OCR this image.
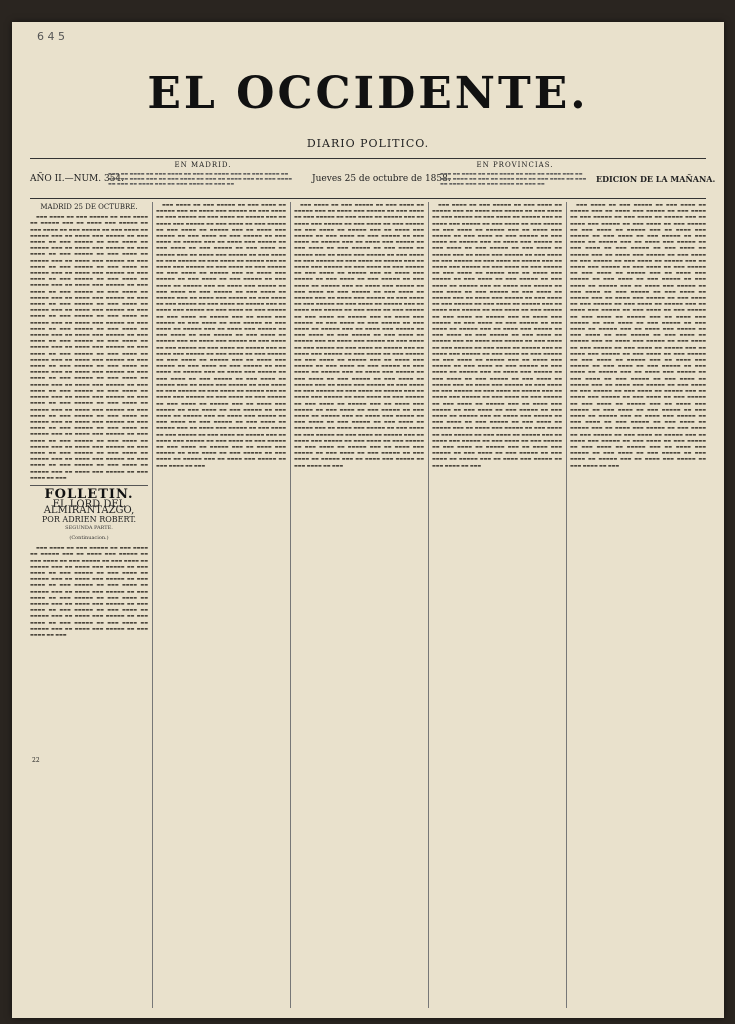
6 4 5
EL OCCIDENTE.
DIARIO POLITICO.
AÑO II.—NUM. 354.
EN MADRID.
▬▬▬ ▬▬ ▬▬▬▬ ▬▬ ▬▬▬ ▬▬▬▬ ▬▬ ▬▬▬ ▬▬ ▬▬▬▬ ▬▬▬ ▬▬ ▬▬▬ ▬▬▬▬ ▬▬ ▬▬▬ ▬▬ ▬▬▬▬ ▬▬▬ ▬▬ ▬▬▬ ▬▬▬▬ ▬▬ ▬▬▬ ▬▬ ▬▬▬▬ ▬▬▬ ▬▬ ▬▬▬ ▬▬▬▬ ▬▬ ▬▬▬ ▬▬ ▬▬▬▬ ▬▬▬ ▬▬ ▬▬▬ ▬▬▬▬ ▬▬ ▬▬▬ ▬▬	Jueves 25 de octubre de 1858.
EN PROVINCIAS.
▬▬▬ ▬▬ ▬▬▬▬ ▬▬ ▬▬▬ ▬▬▬▬ ▬▬ ▬▬▬ ▬▬ ▬▬▬▬ ▬▬▬ ▬▬ ▬▬▬ ▬▬▬▬ ▬▬ ▬▬▬ ▬▬ ▬▬▬▬ ▬▬▬ ▬▬ ▬▬▬ ▬▬▬▬ ▬▬ ▬▬▬ ▬▬ ▬▬▬▬ ▬▬▬ ▬▬ ▬▬▬ ▬▬▬▬ ▬▬ ▬▬▬ ▬▬	EDICION DE LA MAÑANA.
MADRID 25 DE OCTUBRE.
▬▬▬ ▬▬▬▬ ▬▬ ▬▬▬ ▬▬▬▬▬ ▬▬ ▬▬▬ ▬▬▬▬ ▬▬ ▬▬▬▬▬ ▬▬▬ ▬▬ ▬▬▬▬ ▬▬▬ ▬▬▬▬▬ ▬▬ ▬▬▬ ▬▬▬▬ ▬▬ ▬▬▬ ▬▬▬▬▬ ▬▬ ▬▬▬ ▬▬▬▬ ▬▬ ▬▬▬▬▬ ▬▬▬ ▬▬ ▬▬▬▬ ▬▬▬ ▬▬▬▬▬ ▬▬ ▬▬▬ ▬▬▬▬ ▬▬ ▬▬▬ ▬▬▬▬▬ ▬▬ ▬▬▬ ▬▬▬▬ ▬▬ ▬▬▬▬▬ ▬▬▬ ▬▬ ▬▬▬▬ ▬▬▬ ▬▬▬▬▬ ▬▬ ▬▬▬ ▬▬▬▬ ▬▬ ▬▬▬ ▬▬▬▬▬ ▬▬ ▬▬▬ ▬▬▬▬ ▬▬ ▬▬▬▬▬ ▬▬▬ ▬▬ ▬▬▬▬ ▬▬▬ ▬▬▬▬▬ ▬▬ ▬▬▬ ▬▬▬▬ ▬▬ ▬▬▬ ▬▬▬▬▬ ▬▬ ▬▬▬ ▬▬▬▬ ▬▬ ▬▬▬▬▬ ▬▬▬ ▬▬ ▬▬▬▬ ▬▬▬ ▬▬▬▬▬ ▬▬ ▬▬▬ ▬▬▬▬ ▬▬ ▬▬▬ ▬▬▬▬▬ ▬▬ ▬▬▬ ▬▬▬▬ ▬▬ ▬▬▬▬▬ ▬▬▬ ▬▬ ▬▬▬▬ ▬▬▬ ▬▬▬▬▬ ▬▬ ▬▬▬ ▬▬▬▬ ▬▬ ▬▬▬ ▬▬▬▬▬ ▬▬ ▬▬▬ ▬▬▬▬ ▬▬ ▬▬▬▬▬ ▬▬▬ ▬▬ ▬▬▬▬ ▬▬▬ ▬▬▬▬▬ ▬▬ ▬▬▬ ▬▬▬▬ ▬▬ ▬▬▬ ▬▬▬▬▬ ▬▬ ▬▬▬ ▬▬▬▬ ▬▬ ▬▬▬▬▬ ▬▬▬ ▬▬ ▬▬▬▬ ▬▬▬ ▬▬▬▬▬ ▬▬ ▬▬▬ ▬▬▬▬ ▬▬ ▬▬▬ ▬▬▬▬▬ ▬▬ ▬▬▬ ▬▬▬▬ ▬▬ ▬▬▬▬▬ ▬▬▬ ▬▬ ▬▬▬▬ ▬▬▬ ▬▬▬▬▬ ▬▬ ▬▬▬ ▬▬▬▬ ▬▬ ▬▬▬ ▬▬▬▬▬ ▬▬ ▬▬▬ ▬▬▬▬ ▬▬ ▬▬▬▬▬ ▬▬▬ ▬▬ ▬▬▬▬ ▬▬▬ ▬▬▬▬▬ ▬▬ ▬▬▬ ▬▬▬▬ ▬▬ ▬▬▬ ▬▬▬▬▬ ▬▬ ▬▬▬ ▬▬▬▬ ▬▬ ▬▬▬▬▬ ▬▬▬ ▬▬ ▬▬▬▬ ▬▬▬ ▬▬▬▬▬ ▬▬ ▬▬▬ ▬▬▬▬ ▬▬ ▬▬▬ ▬▬▬▬▬ ▬▬ ▬▬▬ ▬▬▬▬ ▬▬ ▬▬▬▬▬ ▬▬▬ ▬▬ ▬▬▬▬ ▬▬▬ ▬▬▬▬▬ ▬▬ ▬▬▬ ▬▬▬▬ ▬▬ ▬▬▬ ▬▬▬▬▬ ▬▬ ▬▬▬ ▬▬▬▬ ▬▬ ▬▬▬▬▬ ▬▬▬ ▬▬ ▬▬▬▬ ▬▬▬ ▬▬▬▬▬ ▬▬ ▬▬▬ ▬▬▬▬ ▬▬ ▬▬▬ ▬▬▬▬▬ ▬▬ ▬▬▬ ▬▬▬▬ ▬▬ ▬▬▬▬▬ ▬▬▬ ▬▬ ▬▬▬▬ ▬▬▬ ▬▬▬▬▬ ▬▬ ▬▬▬ ▬▬▬▬ ▬▬ ▬▬▬ ▬▬▬▬▬ ▬▬ ▬▬▬ ▬▬▬▬ ▬▬ ▬▬▬▬▬ ▬▬▬ ▬▬ ▬▬▬▬ ▬▬▬ ▬▬▬▬▬ ▬▬ ▬▬▬ ▬▬▬▬ ▬▬ ▬▬▬ ▬▬▬▬▬ ▬▬ ▬▬▬ ▬▬▬▬ ▬▬ ▬▬▬▬▬ ▬▬▬ ▬▬ ▬▬▬▬ ▬▬▬ ▬▬▬▬▬ ▬▬ ▬▬▬ ▬▬▬▬ ▬▬ ▬▬▬ ▬▬▬▬▬ ▬▬ ▬▬▬ ▬▬▬▬ ▬▬ ▬▬▬▬▬ ▬▬▬ ▬▬ ▬▬▬▬ ▬▬▬ ▬▬▬▬▬ ▬▬ ▬▬▬ ▬▬▬▬ ▬▬ ▬▬▬ ▬▬▬▬▬ ▬▬ ▬▬▬ ▬▬▬▬ ▬▬ ▬▬▬▬▬ ▬▬▬ ▬▬ ▬▬▬▬ ▬▬▬ ▬▬▬▬▬ ▬▬ ▬▬▬ ▬▬▬▬ ▬▬ ▬▬▬ ▬▬▬▬▬ ▬▬ ▬▬▬ ▬▬▬▬ ▬▬ ▬▬▬▬▬ ▬▬▬ ▬▬ ▬▬▬▬ ▬▬▬ ▬▬▬▬▬ ▬▬ ▬▬▬ ▬▬▬▬ ▬▬ ▬▬▬ ▬▬▬▬▬ ▬▬ ▬▬▬ ▬▬▬▬ ▬▬ ▬▬▬▬▬ ▬▬▬ ▬▬ ▬▬▬▬ ▬▬▬ ▬▬▬▬▬ ▬▬ ▬▬▬ ▬▬▬▬ ▬▬ ▬▬▬ ▬▬▬▬▬ ▬▬ ▬▬▬ ▬▬▬▬ ▬▬ ▬▬▬▬▬ ▬▬▬ ▬▬ ▬▬▬▬ ▬▬▬ ▬▬▬▬▬ ▬▬ ▬▬▬ ▬▬▬▬ ▬▬ ▬▬▬
22
FOLLETIN.
EL LORD DEL ALMIRANTAZGO,
POR ADRIEN ROBERT.
SEGUNDA PARTE.
(Continuacion.)
▬▬▬ ▬▬▬▬ ▬▬ ▬▬▬ ▬▬▬▬▬ ▬▬ ▬▬▬ ▬▬▬▬ ▬▬ ▬▬▬▬▬ ▬▬▬ ▬▬ ▬▬▬▬ ▬▬▬ ▬▬▬▬▬ ▬▬ ▬▬▬ ▬▬▬▬ ▬▬ ▬▬▬ ▬▬▬▬▬ ▬▬ ▬▬▬ ▬▬▬▬ ▬▬ ▬▬▬▬▬ ▬▬▬ ▬▬ ▬▬▬▬ ▬▬▬ ▬▬▬▬▬ ▬▬ ▬▬▬ ▬▬▬▬ ▬▬ ▬▬▬ ▬▬▬▬▬ ▬▬ ▬▬▬ ▬▬▬▬ ▬▬ ▬▬▬▬▬ ▬▬▬ ▬▬ ▬▬▬▬ ▬▬▬ ▬▬▬▬▬ ▬▬ ▬▬▬ ▬▬▬▬ ▬▬ ▬▬▬ ▬▬▬▬▬ ▬▬ ▬▬▬ ▬▬▬▬ ▬▬ ▬▬▬▬▬ ▬▬▬ ▬▬ ▬▬▬▬ ▬▬▬ ▬▬▬▬▬ ▬▬ ▬▬▬ ▬▬▬▬ ▬▬ ▬▬▬ ▬▬▬▬▬ ▬▬ ▬▬▬ ▬▬▬▬ ▬▬ ▬▬▬▬▬ ▬▬▬ ▬▬ ▬▬▬▬ ▬▬▬ ▬▬▬▬▬ ▬▬ ▬▬▬ ▬▬▬▬ ▬▬ ▬▬▬ ▬▬▬▬▬ ▬▬ ▬▬▬ ▬▬▬▬ ▬▬ ▬▬▬▬▬ ▬▬▬ ▬▬ ▬▬▬▬ ▬▬▬ ▬▬▬▬▬ ▬▬ ▬▬▬ ▬▬▬▬ ▬▬ ▬▬▬ ▬▬▬▬▬ ▬▬ ▬▬▬ ▬▬▬▬ ▬▬ ▬▬▬▬▬ ▬▬▬ ▬▬ ▬▬▬▬ ▬▬▬ ▬▬▬▬▬ ▬▬ ▬▬▬ ▬▬▬▬ ▬▬ ▬▬▬
▬▬▬ ▬▬▬▬ ▬▬ ▬▬▬ ▬▬▬▬▬ ▬▬ ▬▬▬ ▬▬▬▬ ▬▬ ▬▬▬▬▬ ▬▬▬ ▬▬ ▬▬▬▬ ▬▬▬ ▬▬▬▬▬ ▬▬ ▬▬▬ ▬▬▬▬ ▬▬ ▬▬▬ ▬▬▬▬▬ ▬▬ ▬▬▬ ▬▬▬▬ ▬▬ ▬▬▬▬▬ ▬▬▬ ▬▬ ▬▬▬▬ ▬▬▬ ▬▬▬▬▬ ▬▬ ▬▬▬ ▬▬▬▬ ▬▬ ▬▬▬ ▬▬▬▬▬ ▬▬ ▬▬▬ ▬▬▬▬ ▬▬ ▬▬▬▬▬ ▬▬▬ ▬▬ ▬▬▬▬ ▬▬▬ ▬▬▬▬▬ ▬▬ ▬▬▬ ▬▬▬▬ ▬▬ ▬▬▬ ▬▬▬▬▬ ▬▬ ▬▬▬ ▬▬▬▬ ▬▬ ▬▬▬▬▬ ▬▬▬ ▬▬ ▬▬▬▬ ▬▬▬ ▬▬▬▬▬ ▬▬ ▬▬▬ ▬▬▬▬ ▬▬ ▬▬▬ ▬▬▬▬▬ ▬▬ ▬▬▬ ▬▬▬▬ ▬▬ ▬▬▬▬▬ ▬▬▬ ▬▬ ▬▬▬▬ ▬▬▬ ▬▬▬▬▬ ▬▬ ▬▬▬ ▬▬▬▬ ▬▬ ▬▬▬ ▬▬▬▬▬ ▬▬ ▬▬▬ ▬▬▬▬ ▬▬ ▬▬▬▬▬ ▬▬▬ ▬▬ ▬▬▬▬ ▬▬▬ ▬▬▬▬▬ ▬▬ ▬▬▬ ▬▬▬▬ ▬▬ ▬▬▬ ▬▬▬▬▬ ▬▬ ▬▬▬ ▬▬▬▬ ▬▬ ▬▬▬▬▬ ▬▬▬ ▬▬ ▬▬▬▬ ▬▬▬ ▬▬▬▬▬ ▬▬ ▬▬▬ ▬▬▬▬ ▬▬ ▬▬▬ ▬▬▬▬▬ ▬▬ ▬▬▬ ▬▬▬▬ ▬▬ ▬▬▬▬▬ ▬▬▬ ▬▬ ▬▬▬▬ ▬▬▬ ▬▬▬▬▬ ▬▬ ▬▬▬ ▬▬▬▬ ▬▬ ▬▬▬ ▬▬▬▬▬ ▬▬ ▬▬▬ ▬▬▬▬ ▬▬ ▬▬▬▬▬ ▬▬▬ ▬▬ ▬▬▬▬ ▬▬▬ ▬▬▬▬▬ ▬▬ ▬▬▬ ▬▬▬▬ ▬▬ ▬▬▬ ▬▬▬▬▬ ▬▬ ▬▬▬ ▬▬▬▬ ▬▬ ▬▬▬▬▬ ▬▬▬ ▬▬ ▬▬▬▬ ▬▬▬ ▬▬▬▬▬ ▬▬ ▬▬▬ ▬▬▬▬ ▬▬ ▬▬▬ ▬▬▬▬▬ ▬▬ ▬▬▬ ▬▬▬▬ ▬▬ ▬▬▬▬▬ ▬▬▬ ▬▬ ▬▬▬▬ ▬▬▬ ▬▬▬▬▬ ▬▬ ▬▬▬ ▬▬▬▬ ▬▬ ▬▬▬ ▬▬▬▬▬ ▬▬ ▬▬▬ ▬▬▬▬ ▬▬ ▬▬▬▬▬ ▬▬▬ ▬▬ ▬▬▬▬ ▬▬▬ ▬▬▬▬▬ ▬▬ ▬▬▬ ▬▬▬▬ ▬▬ ▬▬▬ ▬▬▬▬▬ ▬▬ ▬▬▬ ▬▬▬▬ ▬▬ ▬▬▬▬▬ ▬▬▬ ▬▬ ▬▬▬▬ ▬▬▬ ▬▬▬▬▬ ▬▬ ▬▬▬ ▬▬▬▬ ▬▬ ▬▬▬ ▬▬▬▬▬ ▬▬ ▬▬▬ ▬▬▬▬ ▬▬ ▬▬▬▬▬ ▬▬▬ ▬▬ ▬▬▬▬ ▬▬▬ ▬▬▬▬▬ ▬▬ ▬▬▬ ▬▬▬▬ ▬▬ ▬▬▬ ▬▬▬▬▬ ▬▬ ▬▬▬ ▬▬▬▬ ▬▬ ▬▬▬▬▬ ▬▬▬ ▬▬ ▬▬▬▬ ▬▬▬ ▬▬▬▬▬ ▬▬ ▬▬▬ ▬▬▬▬ ▬▬ ▬▬▬ ▬▬▬▬▬ ▬▬ ▬▬▬ ▬▬▬▬ ▬▬ ▬▬▬▬▬ ▬▬▬ ▬▬ ▬▬▬▬ ▬▬▬ ▬▬▬▬▬ ▬▬ ▬▬▬ ▬▬▬▬ ▬▬ ▬▬▬ ▬▬▬▬▬ ▬▬ ▬▬▬ ▬▬▬▬ ▬▬ ▬▬▬▬▬ ▬▬▬ ▬▬ ▬▬▬▬ ▬▬▬ ▬▬▬▬▬ ▬▬ ▬▬▬ ▬▬▬▬ ▬▬ ▬▬▬ ▬▬▬▬▬ ▬▬ ▬▬▬ ▬▬▬▬ ▬▬ ▬▬▬▬▬ ▬▬▬ ▬▬ ▬▬▬▬ ▬▬▬ ▬▬▬▬▬ ▬▬ ▬▬▬ ▬▬▬▬ ▬▬ ▬▬▬ ▬▬▬▬▬ ▬▬ ▬▬▬ ▬▬▬▬ ▬▬ ▬▬▬▬▬ ▬▬▬ ▬▬ ▬▬▬▬ ▬▬▬ ▬▬▬▬▬ ▬▬ ▬▬▬ ▬▬▬▬ ▬▬ ▬▬▬ ▬▬▬▬▬ ▬▬ ▬▬▬ ▬▬▬▬ ▬▬ ▬▬▬▬▬ ▬▬▬ ▬▬ ▬▬▬▬ ▬▬▬ ▬▬▬▬▬ ▬▬ ▬▬▬ ▬▬▬▬ ▬▬ ▬▬▬ ▬▬▬▬▬ ▬▬ ▬▬▬ ▬▬▬▬ ▬▬ ▬▬▬▬▬ ▬▬▬ ▬▬ ▬▬▬▬ ▬▬▬ ▬▬▬▬▬ ▬▬ ▬▬▬ ▬▬▬▬ ▬▬ ▬▬▬ ▬▬▬▬▬ ▬▬ ▬▬▬ ▬▬▬▬ ▬▬ ▬▬▬▬▬ ▬▬▬ ▬▬ ▬▬▬▬ ▬▬▬ ▬▬▬▬▬ ▬▬ ▬▬▬ ▬▬▬▬ ▬▬ ▬▬▬ ▬▬▬▬▬ ▬▬ ▬▬▬ ▬▬▬▬ ▬▬ ▬▬▬▬▬ ▬▬▬ ▬▬ ▬▬▬▬ ▬▬▬ ▬▬▬▬▬ ▬▬ ▬▬▬ ▬▬▬▬ ▬▬ ▬▬▬ ▬▬▬▬▬ ▬▬ ▬▬▬ ▬▬▬▬ ▬▬ ▬▬▬▬▬ ▬▬▬ ▬▬ ▬▬▬▬ ▬▬▬ ▬▬▬▬▬ ▬▬ ▬▬▬ ▬▬▬▬ ▬▬ ▬▬▬
▬▬▬ ▬▬▬▬ ▬▬ ▬▬▬ ▬▬▬▬▬ ▬▬ ▬▬▬ ▬▬▬▬ ▬▬ ▬▬▬▬▬ ▬▬▬ ▬▬ ▬▬▬▬ ▬▬▬ ▬▬▬▬▬ ▬▬ ▬▬▬ ▬▬▬▬ ▬▬ ▬▬▬ ▬▬▬▬▬ ▬▬ ▬▬▬ ▬▬▬▬ ▬▬ ▬▬▬▬▬ ▬▬▬ ▬▬ ▬▬▬▬ ▬▬▬ ▬▬▬▬▬ ▬▬ ▬▬▬ ▬▬▬▬ ▬▬ ▬▬▬ ▬▬▬▬▬ ▬▬ ▬▬▬ ▬▬▬▬ ▬▬ ▬▬▬▬▬ ▬▬▬ ▬▬ ▬▬▬▬ ▬▬▬ ▬▬▬▬▬ ▬▬ ▬▬▬ ▬▬▬▬ ▬▬ ▬▬▬ ▬▬▬▬▬ ▬▬ ▬▬▬ ▬▬▬▬ ▬▬ ▬▬▬▬▬ ▬▬▬ ▬▬ ▬▬▬▬ ▬▬▬ ▬▬▬▬▬ ▬▬ ▬▬▬ ▬▬▬▬ ▬▬ ▬▬▬ ▬▬▬▬▬ ▬▬ ▬▬▬ ▬▬▬▬ ▬▬ ▬▬▬▬▬ ▬▬▬ ▬▬ ▬▬▬▬ ▬▬▬ ▬▬▬▬▬ ▬▬ ▬▬▬ ▬▬▬▬ ▬▬ ▬▬▬ ▬▬▬▬▬ ▬▬ ▬▬▬ ▬▬▬▬ ▬▬ ▬▬▬▬▬ ▬▬▬ ▬▬ ▬▬▬▬ ▬▬▬ ▬▬▬▬▬ ▬▬ ▬▬▬ ▬▬▬▬ ▬▬ ▬▬▬ ▬▬▬▬▬ ▬▬ ▬▬▬ ▬▬▬▬ ▬▬ ▬▬▬▬▬ ▬▬▬ ▬▬ ▬▬▬▬ ▬▬▬ ▬▬▬▬▬ ▬▬ ▬▬▬ ▬▬▬▬ ▬▬ ▬▬▬ ▬▬▬▬▬ ▬▬ ▬▬▬ ▬▬▬▬ ▬▬ ▬▬▬▬▬ ▬▬▬ ▬▬ ▬▬▬▬ ▬▬▬ ▬▬▬▬▬ ▬▬ ▬▬▬ ▬▬▬▬ ▬▬ ▬▬▬ ▬▬▬▬▬ ▬▬ ▬▬▬ ▬▬▬▬ ▬▬ ▬▬▬▬▬ ▬▬▬ ▬▬ ▬▬▬▬ ▬▬▬ ▬▬▬▬▬ ▬▬ ▬▬▬ ▬▬▬▬ ▬▬ ▬▬▬ ▬▬▬▬▬ ▬▬ ▬▬▬ ▬▬▬▬ ▬▬ ▬▬▬▬▬ ▬▬▬ ▬▬ ▬▬▬▬ ▬▬▬ ▬▬▬▬▬ ▬▬ ▬▬▬ ▬▬▬▬ ▬▬ ▬▬▬ ▬▬▬▬▬ ▬▬ ▬▬▬ ▬▬▬▬ ▬▬ ▬▬▬▬▬ ▬▬▬ ▬▬ ▬▬▬▬ ▬▬▬ ▬▬▬▬▬ ▬▬ ▬▬▬ ▬▬▬▬ ▬▬ ▬▬▬ ▬▬▬▬▬ ▬▬ ▬▬▬ ▬▬▬▬ ▬▬ ▬▬▬▬▬ ▬▬▬ ▬▬ ▬▬▬▬ ▬▬▬ ▬▬▬▬▬ ▬▬ ▬▬▬ ▬▬▬▬ ▬▬ ▬▬▬ ▬▬▬▬▬ ▬▬ ▬▬▬ ▬▬▬▬ ▬▬ ▬▬▬▬▬ ▬▬▬ ▬▬ ▬▬▬▬ ▬▬▬ ▬▬▬▬▬ ▬▬ ▬▬▬ ▬▬▬▬ ▬▬ ▬▬▬ ▬▬▬▬▬ ▬▬ ▬▬▬ ▬▬▬▬ ▬▬ ▬▬▬▬▬ ▬▬▬ ▬▬ ▬▬▬▬ ▬▬▬ ▬▬▬▬▬ ▬▬ ▬▬▬ ▬▬▬▬ ▬▬ ▬▬▬ ▬▬▬▬▬ ▬▬ ▬▬▬ ▬▬▬▬ ▬▬ ▬▬▬▬▬ ▬▬▬ ▬▬ ▬▬▬▬ ▬▬▬ ▬▬▬▬▬ ▬▬ ▬▬▬ ▬▬▬▬ ▬▬ ▬▬▬ ▬▬▬▬▬ ▬▬ ▬▬▬ ▬▬▬▬ ▬▬ ▬▬▬▬▬ ▬▬▬ ▬▬ ▬▬▬▬ ▬▬▬ ▬▬▬▬▬ ▬▬ ▬▬▬ ▬▬▬▬ ▬▬ ▬▬▬ ▬▬▬▬▬ ▬▬ ▬▬▬ ▬▬▬▬ ▬▬ ▬▬▬▬▬ ▬▬▬ ▬▬ ▬▬▬▬ ▬▬▬ ▬▬▬▬▬ ▬▬ ▬▬▬ ▬▬▬▬ ▬▬ ▬▬▬ ▬▬▬▬▬ ▬▬ ▬▬▬ ▬▬▬▬ ▬▬ ▬▬▬▬▬ ▬▬▬ ▬▬ ▬▬▬▬ ▬▬▬ ▬▬▬▬▬ ▬▬ ▬▬▬ ▬▬▬▬ ▬▬ ▬▬▬ ▬▬▬▬▬ ▬▬ ▬▬▬ ▬▬▬▬ ▬▬ ▬▬▬▬▬ ▬▬▬ ▬▬ ▬▬▬▬ ▬▬▬ ▬▬▬▬▬ ▬▬ ▬▬▬ ▬▬▬▬ ▬▬ ▬▬▬ ▬▬▬▬▬ ▬▬ ▬▬▬ ▬▬▬▬ ▬▬ ▬▬▬▬▬ ▬▬▬ ▬▬ ▬▬▬▬ ▬▬▬ ▬▬▬▬▬ ▬▬ ▬▬▬ ▬▬▬▬ ▬▬ ▬▬▬ ▬▬▬▬▬ ▬▬ ▬▬▬ ▬▬▬▬ ▬▬ ▬▬▬▬▬ ▬▬▬ ▬▬ ▬▬▬▬ ▬▬▬ ▬▬▬▬▬ ▬▬ ▬▬▬ ▬▬▬▬ ▬▬ ▬▬▬ ▬▬▬▬▬ ▬▬ ▬▬▬ ▬▬▬▬ ▬▬ ▬▬▬▬▬ ▬▬▬ ▬▬ ▬▬▬▬ ▬▬▬ ▬▬▬▬▬ ▬▬ ▬▬▬ ▬▬▬▬ ▬▬ ▬▬▬ ▬▬▬▬▬ ▬▬ ▬▬▬ ▬▬▬▬ ▬▬ ▬▬▬▬▬ ▬▬▬ ▬▬ ▬▬▬▬ ▬▬▬ ▬▬▬▬▬ ▬▬ ▬▬▬ ▬▬▬▬ ▬▬ ▬▬▬ ▬▬▬▬▬ ▬▬ ▬▬▬ ▬▬▬▬ ▬▬ ▬▬▬▬▬ ▬▬▬ ▬▬ ▬▬▬▬ ▬▬▬ ▬▬▬▬▬ ▬▬ ▬▬▬ ▬▬▬▬ ▬▬ ▬▬▬
▬▬▬ ▬▬▬▬ ▬▬ ▬▬▬ ▬▬▬▬▬ ▬▬ ▬▬▬ ▬▬▬▬ ▬▬ ▬▬▬▬▬ ▬▬▬ ▬▬ ▬▬▬▬ ▬▬▬ ▬▬▬▬▬ ▬▬ ▬▬▬ ▬▬▬▬ ▬▬ ▬▬▬ ▬▬▬▬▬ ▬▬ ▬▬▬ ▬▬▬▬ ▬▬ ▬▬▬▬▬ ▬▬▬ ▬▬ ▬▬▬▬ ▬▬▬ ▬▬▬▬▬ ▬▬ ▬▬▬ ▬▬▬▬ ▬▬ ▬▬▬ ▬▬▬▬▬ ▬▬ ▬▬▬ ▬▬▬▬ ▬▬ ▬▬▬▬▬ ▬▬▬ ▬▬ ▬▬▬▬ ▬▬▬ ▬▬▬▬▬ ▬▬ ▬▬▬ ▬▬▬▬ ▬▬ ▬▬▬ ▬▬▬▬▬ ▬▬ ▬▬▬ ▬▬▬▬ ▬▬ ▬▬▬▬▬ ▬▬▬ ▬▬ ▬▬▬▬ ▬▬▬ ▬▬▬▬▬ ▬▬ ▬▬▬ ▬▬▬▬ ▬▬ ▬▬▬ ▬▬▬▬▬ ▬▬ ▬▬▬ ▬▬▬▬ ▬▬ ▬▬▬▬▬ ▬▬▬ ▬▬ ▬▬▬▬ ▬▬▬ ▬▬▬▬▬ ▬▬ ▬▬▬ ▬▬▬▬ ▬▬ ▬▬▬ ▬▬▬▬▬ ▬▬ ▬▬▬ ▬▬▬▬ ▬▬ ▬▬▬▬▬ ▬▬▬ ▬▬ ▬▬▬▬ ▬▬▬ ▬▬▬▬▬ ▬▬ ▬▬▬ ▬▬▬▬ ▬▬ ▬▬▬ ▬▬▬▬▬ ▬▬ ▬▬▬ ▬▬▬▬ ▬▬ ▬▬▬▬▬ ▬▬▬ ▬▬ ▬▬▬▬ ▬▬▬ ▬▬▬▬▬ ▬▬ ▬▬▬ ▬▬▬▬ ▬▬ ▬▬▬ ▬▬▬▬▬ ▬▬ ▬▬▬ ▬▬▬▬ ▬▬ ▬▬▬▬▬ ▬▬▬ ▬▬ ▬▬▬▬ ▬▬▬ ▬▬▬▬▬ ▬▬ ▬▬▬ ▬▬▬▬ ▬▬ ▬▬▬ ▬▬▬▬▬ ▬▬ ▬▬▬ ▬▬▬▬ ▬▬ ▬▬▬▬▬ ▬▬▬ ▬▬ ▬▬▬▬ ▬▬▬ ▬▬▬▬▬ ▬▬ ▬▬▬ ▬▬▬▬ ▬▬ ▬▬▬ ▬▬▬▬▬ ▬▬ ▬▬▬ ▬▬▬▬ ▬▬ ▬▬▬▬▬ ▬▬▬ ▬▬ ▬▬▬▬ ▬▬▬ ▬▬▬▬▬ ▬▬ ▬▬▬ ▬▬▬▬ ▬▬ ▬▬▬ ▬▬▬▬▬ ▬▬ ▬▬▬ ▬▬▬▬ ▬▬ ▬▬▬▬▬ ▬▬▬ ▬▬ ▬▬▬▬ ▬▬▬ ▬▬▬▬▬ ▬▬ ▬▬▬ ▬▬▬▬ ▬▬ ▬▬▬ ▬▬▬▬▬ ▬▬ ▬▬▬ ▬▬▬▬ ▬▬ ▬▬▬▬▬ ▬▬▬ ▬▬ ▬▬▬▬ ▬▬▬ ▬▬▬▬▬ ▬▬ ▬▬▬ ▬▬▬▬ ▬▬ ▬▬▬ ▬▬▬▬▬ ▬▬ ▬▬▬ ▬▬▬▬ ▬▬ ▬▬▬▬▬ ▬▬▬ ▬▬ ▬▬▬▬ ▬▬▬ ▬▬▬▬▬ ▬▬ ▬▬▬ ▬▬▬▬ ▬▬ ▬▬▬ ▬▬▬▬▬ ▬▬ ▬▬▬ ▬▬▬▬ ▬▬ ▬▬▬▬▬ ▬▬▬ ▬▬ ▬▬▬▬ ▬▬▬ ▬▬▬▬▬ ▬▬ ▬▬▬ ▬▬▬▬ ▬▬ ▬▬▬ ▬▬▬▬▬ ▬▬ ▬▬▬ ▬▬▬▬ ▬▬ ▬▬▬▬▬ ▬▬▬ ▬▬ ▬▬▬▬ ▬▬▬ ▬▬▬▬▬ ▬▬ ▬▬▬ ▬▬▬▬ ▬▬ ▬▬▬ ▬▬▬▬▬ ▬▬ ▬▬▬ ▬▬▬▬ ▬▬ ▬▬▬▬▬ ▬▬▬ ▬▬ ▬▬▬▬ ▬▬▬ ▬▬▬▬▬ ▬▬ ▬▬▬ ▬▬▬▬ ▬▬ ▬▬▬ ▬▬▬▬▬ ▬▬ ▬▬▬ ▬▬▬▬ ▬▬ ▬▬▬▬▬ ▬▬▬ ▬▬ ▬▬▬▬ ▬▬▬ ▬▬▬▬▬ ▬▬ ▬▬▬ ▬▬▬▬ ▬▬ ▬▬▬ ▬▬▬▬▬ ▬▬ ▬▬▬ ▬▬▬▬ ▬▬ ▬▬▬▬▬ ▬▬▬ ▬▬ ▬▬▬▬ ▬▬▬ ▬▬▬▬▬ ▬▬ ▬▬▬ ▬▬▬▬ ▬▬ ▬▬▬ ▬▬▬▬▬ ▬▬ ▬▬▬ ▬▬▬▬ ▬▬ ▬▬▬▬▬ ▬▬▬ ▬▬ ▬▬▬▬ ▬▬▬ ▬▬▬▬▬ ▬▬ ▬▬▬ ▬▬▬▬ ▬▬ ▬▬▬ ▬▬▬▬▬ ▬▬ ▬▬▬ ▬▬▬▬ ▬▬ ▬▬▬▬▬ ▬▬▬ ▬▬ ▬▬▬▬ ▬▬▬ ▬▬▬▬▬ ▬▬ ▬▬▬ ▬▬▬▬ ▬▬ ▬▬▬ ▬▬▬▬▬ ▬▬ ▬▬▬ ▬▬▬▬ ▬▬ ▬▬▬▬▬ ▬▬▬ ▬▬ ▬▬▬▬ ▬▬▬ ▬▬▬▬▬ ▬▬ ▬▬▬ ▬▬▬▬ ▬▬ ▬▬▬ ▬▬▬▬▬ ▬▬ ▬▬▬ ▬▬▬▬ ▬▬ ▬▬▬▬▬ ▬▬▬ ▬▬ ▬▬▬▬ ▬▬▬ ▬▬▬▬▬ ▬▬ ▬▬▬ ▬▬▬▬ ▬▬ ▬▬▬ ▬▬▬▬▬ ▬▬ ▬▬▬ ▬▬▬▬ ▬▬ ▬▬▬▬▬ ▬▬▬ ▬▬ ▬▬▬▬ ▬▬▬ ▬▬▬▬▬ ▬▬ ▬▬▬ ▬▬▬▬ ▬▬ ▬▬▬ ▬▬▬▬▬ ▬▬ ▬▬▬ ▬▬▬▬ ▬▬ ▬▬▬▬▬ ▬▬▬ ▬▬ ▬▬▬▬ ▬▬▬ ▬▬▬▬▬ ▬▬ ▬▬▬ ▬▬▬▬ ▬▬ ▬▬▬
▬▬▬ ▬▬▬▬ ▬▬ ▬▬▬ ▬▬▬▬▬ ▬▬ ▬▬▬ ▬▬▬▬ ▬▬ ▬▬▬▬▬ ▬▬▬ ▬▬ ▬▬▬▬ ▬▬▬ ▬▬▬▬▬ ▬▬ ▬▬▬ ▬▬▬▬ ▬▬ ▬▬▬ ▬▬▬▬▬ ▬▬ ▬▬▬ ▬▬▬▬ ▬▬ ▬▬▬▬▬ ▬▬▬ ▬▬ ▬▬▬▬ ▬▬▬ ▬▬▬▬▬ ▬▬ ▬▬▬ ▬▬▬▬ ▬▬ ▬▬▬ ▬▬▬▬▬ ▬▬ ▬▬▬ ▬▬▬▬ ▬▬ ▬▬▬▬▬ ▬▬▬ ▬▬ ▬▬▬▬ ▬▬▬ ▬▬▬▬▬ ▬▬ ▬▬▬ ▬▬▬▬ ▬▬ ▬▬▬ ▬▬▬▬▬ ▬▬ ▬▬▬ ▬▬▬▬ ▬▬ ▬▬▬▬▬ ▬▬▬ ▬▬ ▬▬▬▬ ▬▬▬ ▬▬▬▬▬ ▬▬ ▬▬▬ ▬▬▬▬ ▬▬ ▬▬▬ ▬▬▬▬▬ ▬▬ ▬▬▬ ▬▬▬▬ ▬▬ ▬▬▬▬▬ ▬▬▬ ▬▬ ▬▬▬▬ ▬▬▬ ▬▬▬▬▬ ▬▬ ▬▬▬ ▬▬▬▬ ▬▬ ▬▬▬ ▬▬▬▬▬ ▬▬ ▬▬▬ ▬▬▬▬ ▬▬ ▬▬▬▬▬ ▬▬▬ ▬▬ ▬▬▬▬ ▬▬▬ ▬▬▬▬▬ ▬▬ ▬▬▬ ▬▬▬▬ ▬▬ ▬▬▬ ▬▬▬▬▬ ▬▬ ▬▬▬ ▬▬▬▬ ▬▬ ▬▬▬▬▬ ▬▬▬ ▬▬ ▬▬▬▬ ▬▬▬ ▬▬▬▬▬ ▬▬ ▬▬▬ ▬▬▬▬ ▬▬ ▬▬▬ ▬▬▬▬▬ ▬▬ ▬▬▬ ▬▬▬▬ ▬▬ ▬▬▬▬▬ ▬▬▬ ▬▬ ▬▬▬▬ ▬▬▬ ▬▬▬▬▬ ▬▬ ▬▬▬ ▬▬▬▬ ▬▬ ▬▬▬ ▬▬▬▬▬ ▬▬ ▬▬▬ ▬▬▬▬ ▬▬ ▬▬▬▬▬ ▬▬▬ ▬▬ ▬▬▬▬ ▬▬▬ ▬▬▬▬▬ ▬▬ ▬▬▬ ▬▬▬▬ ▬▬ ▬▬▬ ▬▬▬▬▬ ▬▬ ▬▬▬ ▬▬▬▬ ▬▬ ▬▬▬▬▬ ▬▬▬ ▬▬ ▬▬▬▬ ▬▬▬ ▬▬▬▬▬ ▬▬ ▬▬▬ ▬▬▬▬ ▬▬ ▬▬▬ ▬▬▬▬▬ ▬▬ ▬▬▬ ▬▬▬▬ ▬▬ ▬▬▬▬▬ ▬▬▬ ▬▬ ▬▬▬▬ ▬▬▬ ▬▬▬▬▬ ▬▬ ▬▬▬ ▬▬▬▬ ▬▬ ▬▬▬ ▬▬▬▬▬ ▬▬ ▬▬▬ ▬▬▬▬ ▬▬ ▬▬▬▬▬ ▬▬▬ ▬▬ ▬▬▬▬ ▬▬▬ ▬▬▬▬▬ ▬▬ ▬▬▬ ▬▬▬▬ ▬▬ ▬▬▬ ▬▬▬▬▬ ▬▬ ▬▬▬ ▬▬▬▬ ▬▬ ▬▬▬▬▬ ▬▬▬ ▬▬ ▬▬▬▬ ▬▬▬ ▬▬▬▬▬ ▬▬ ▬▬▬ ▬▬▬▬ ▬▬ ▬▬▬ ▬▬▬▬▬ ▬▬ ▬▬▬ ▬▬▬▬ ▬▬ ▬▬▬▬▬ ▬▬▬ ▬▬ ▬▬▬▬ ▬▬▬ ▬▬▬▬▬ ▬▬ ▬▬▬ ▬▬▬▬ ▬▬ ▬▬▬ ▬▬▬▬▬ ▬▬ ▬▬▬ ▬▬▬▬ ▬▬ ▬▬▬▬▬ ▬▬▬ ▬▬ ▬▬▬▬ ▬▬▬ ▬▬▬▬▬ ▬▬ ▬▬▬ ▬▬▬▬ ▬▬ ▬▬▬ ▬▬▬▬▬ ▬▬ ▬▬▬ ▬▬▬▬ ▬▬ ▬▬▬▬▬ ▬▬▬ ▬▬ ▬▬▬▬ ▬▬▬ ▬▬▬▬▬ ▬▬ ▬▬▬ ▬▬▬▬ ▬▬ ▬▬▬ ▬▬▬▬▬ ▬▬ ▬▬▬ ▬▬▬▬ ▬▬ ▬▬▬▬▬ ▬▬▬ ▬▬ ▬▬▬▬ ▬▬▬ ▬▬▬▬▬ ▬▬ ▬▬▬ ▬▬▬▬ ▬▬ ▬▬▬ ▬▬▬▬▬ ▬▬ ▬▬▬ ▬▬▬▬ ▬▬ ▬▬▬▬▬ ▬▬▬ ▬▬ ▬▬▬▬ ▬▬▬ ▬▬▬▬▬ ▬▬ ▬▬▬ ▬▬▬▬ ▬▬ ▬▬▬ ▬▬▬▬▬ ▬▬ ▬▬▬ ▬▬▬▬ ▬▬ ▬▬▬▬▬ ▬▬▬ ▬▬ ▬▬▬▬ ▬▬▬ ▬▬▬▬▬ ▬▬ ▬▬▬ ▬▬▬▬ ▬▬ ▬▬▬ ▬▬▬▬▬ ▬▬ ▬▬▬ ▬▬▬▬ ▬▬ ▬▬▬▬▬ ▬▬▬ ▬▬ ▬▬▬▬ ▬▬▬ ▬▬▬▬▬ ▬▬ ▬▬▬ ▬▬▬▬ ▬▬ ▬▬▬ ▬▬▬▬▬ ▬▬ ▬▬▬ ▬▬▬▬ ▬▬ ▬▬▬▬▬ ▬▬▬ ▬▬ ▬▬▬▬ ▬▬▬ ▬▬▬▬▬ ▬▬ ▬▬▬ ▬▬▬▬ ▬▬ ▬▬▬ ▬▬▬▬▬ ▬▬ ▬▬▬ ▬▬▬▬ ▬▬ ▬▬▬▬▬ ▬▬▬ ▬▬ ▬▬▬▬ ▬▬▬ ▬▬▬▬▬ ▬▬ ▬▬▬ ▬▬▬▬ ▬▬ ▬▬▬ ▬▬▬▬▬ ▬▬ ▬▬▬ ▬▬▬▬ ▬▬ ▬▬▬▬▬ ▬▬▬ ▬▬ ▬▬▬▬ ▬▬▬ ▬▬▬▬▬ ▬▬ ▬▬▬ ▬▬▬▬ ▬▬ ▬▬▬ ▬▬▬▬▬ ▬▬ ▬▬▬ ▬▬▬▬ ▬▬ ▬▬▬▬▬ ▬▬▬ ▬▬ ▬▬▬▬ ▬▬▬ ▬▬▬▬▬ ▬▬ ▬▬▬ ▬▬▬▬ ▬▬ ▬▬▬
